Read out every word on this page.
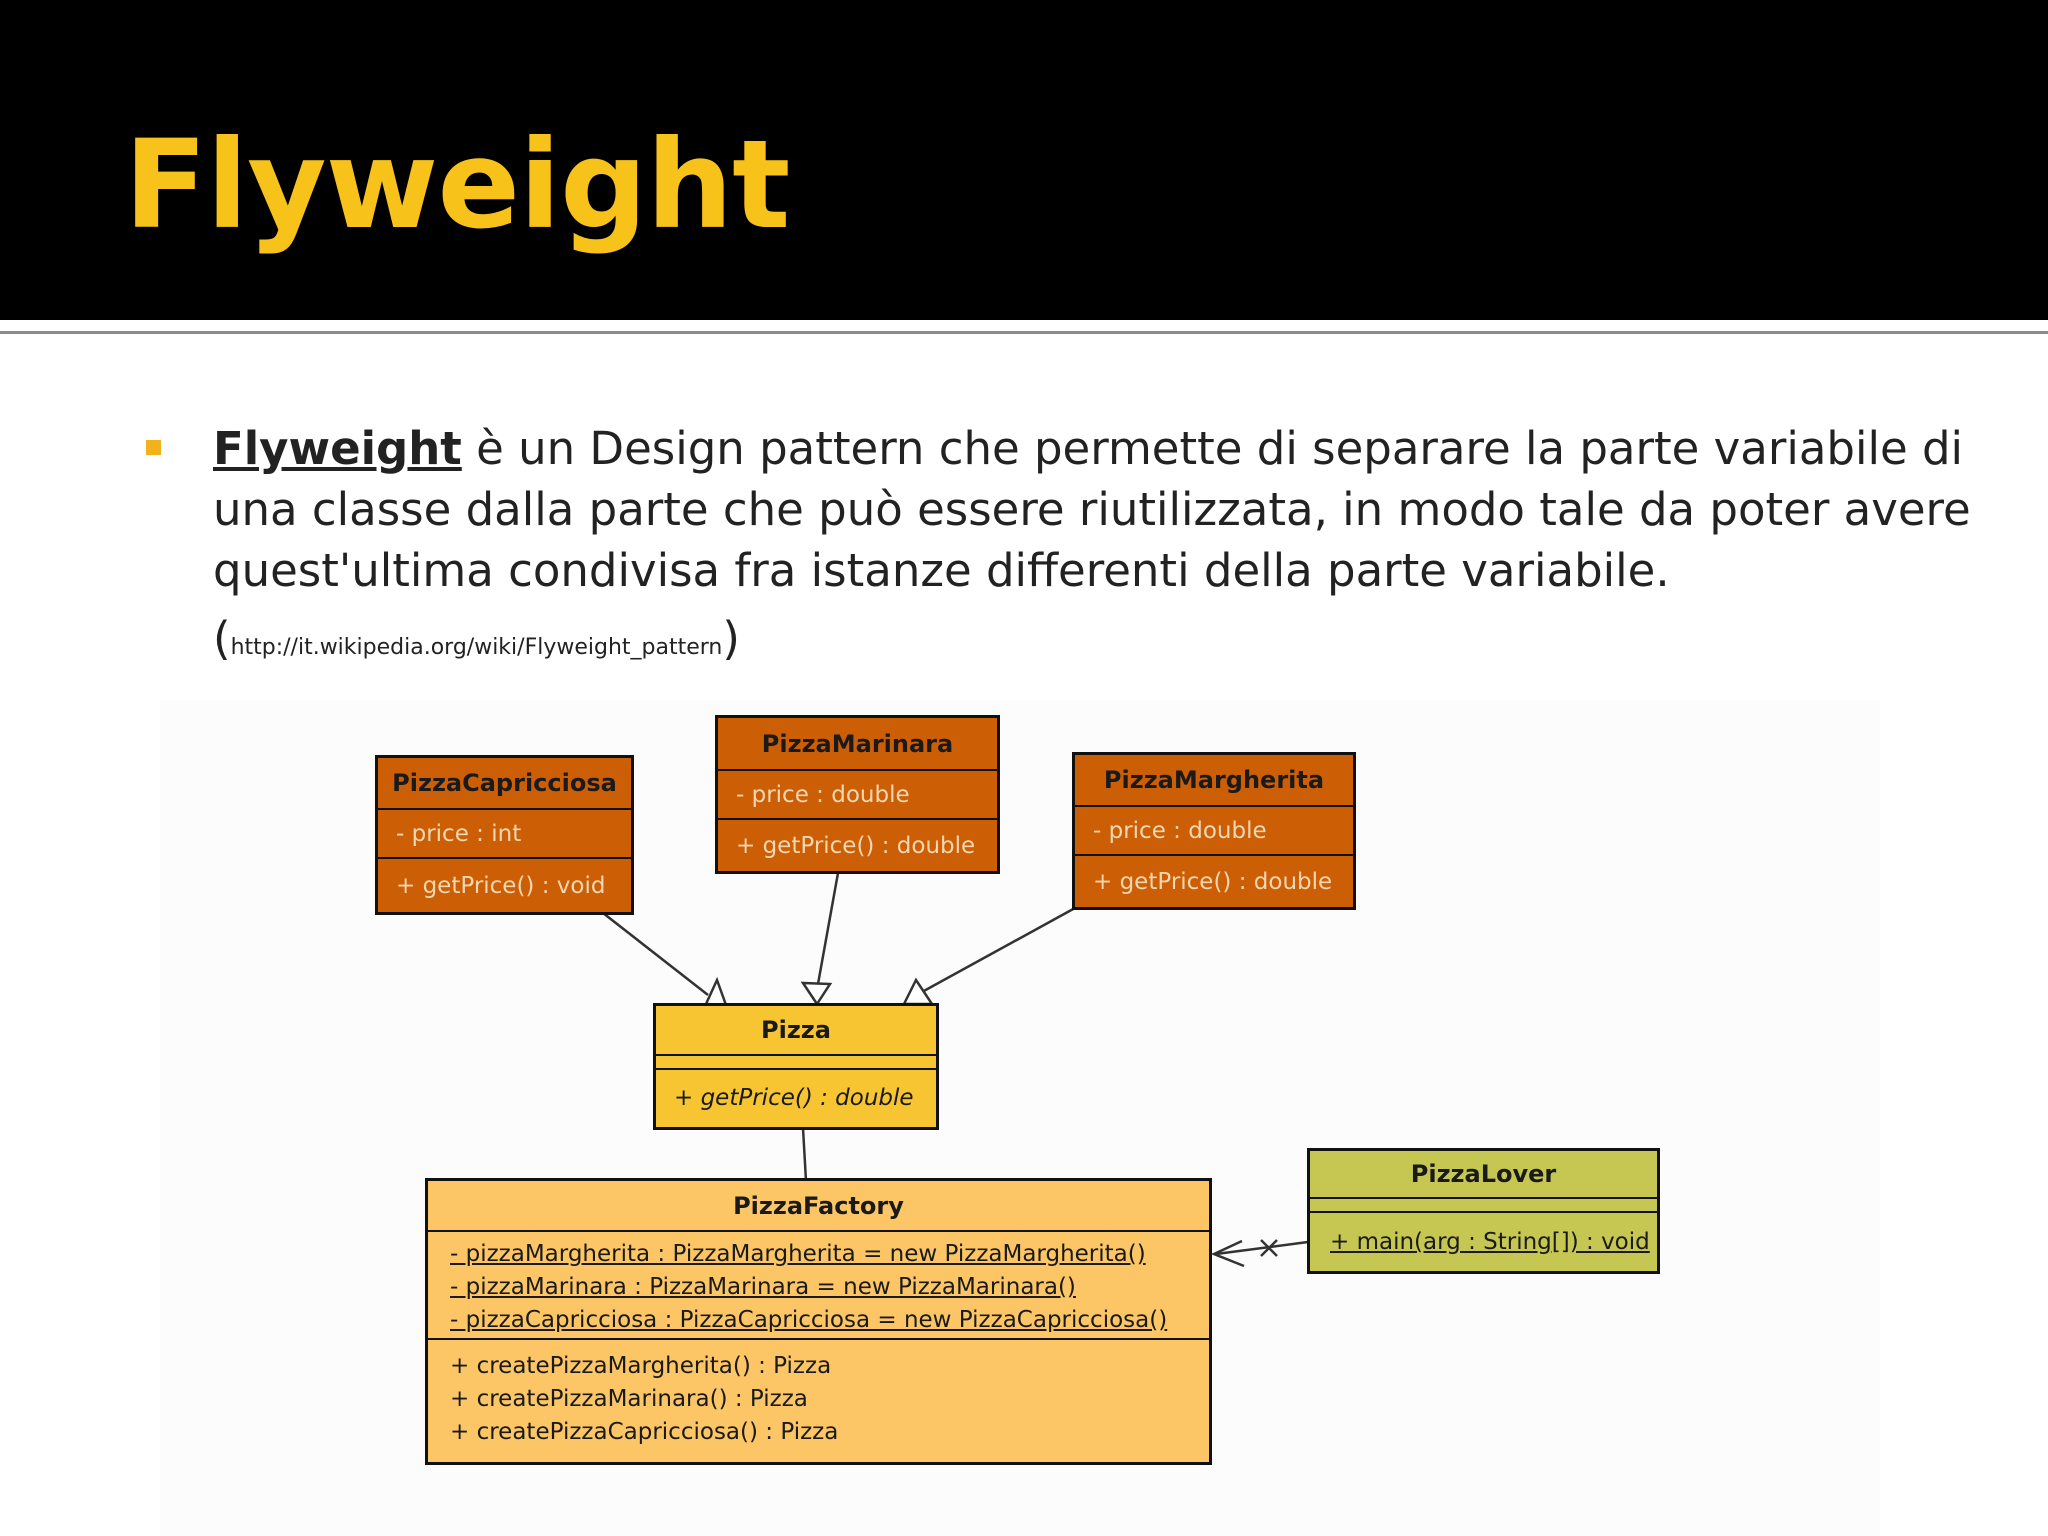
Flyweight
Flyweight è un Design pattern che permette di separare la parte variabile di una classe dalla parte che può essere riutilizzata, in modo tale da poter avere quest'ultima condivisa fra istanze differenti della parte variabile.
(http://it.wikipedia.org/wiki/Flyweight_pattern)
PizzaCapricciosa
- price : int
+ getPrice() : void
PizzaMarinara
- price : double
+ getPrice() : double
PizzaMargherita
- price : double
+ getPrice() : double
Pizza
+ getPrice() : double
PizzaFactory
- pizzaMargherita : PizzaMargherita = new PizzaMargherita()
- pizzaMarinara : PizzaMarinara = new PizzaMarinara()
- pizzaCapricciosa : PizzaCapricciosa = new PizzaCapricciosa()
+ createPizzaMargherita() : Pizza
+ createPizzaMarinara() : Pizza
+ createPizzaCapricciosa() : Pizza
PizzaLover
+ main(arg : String[]) : void
